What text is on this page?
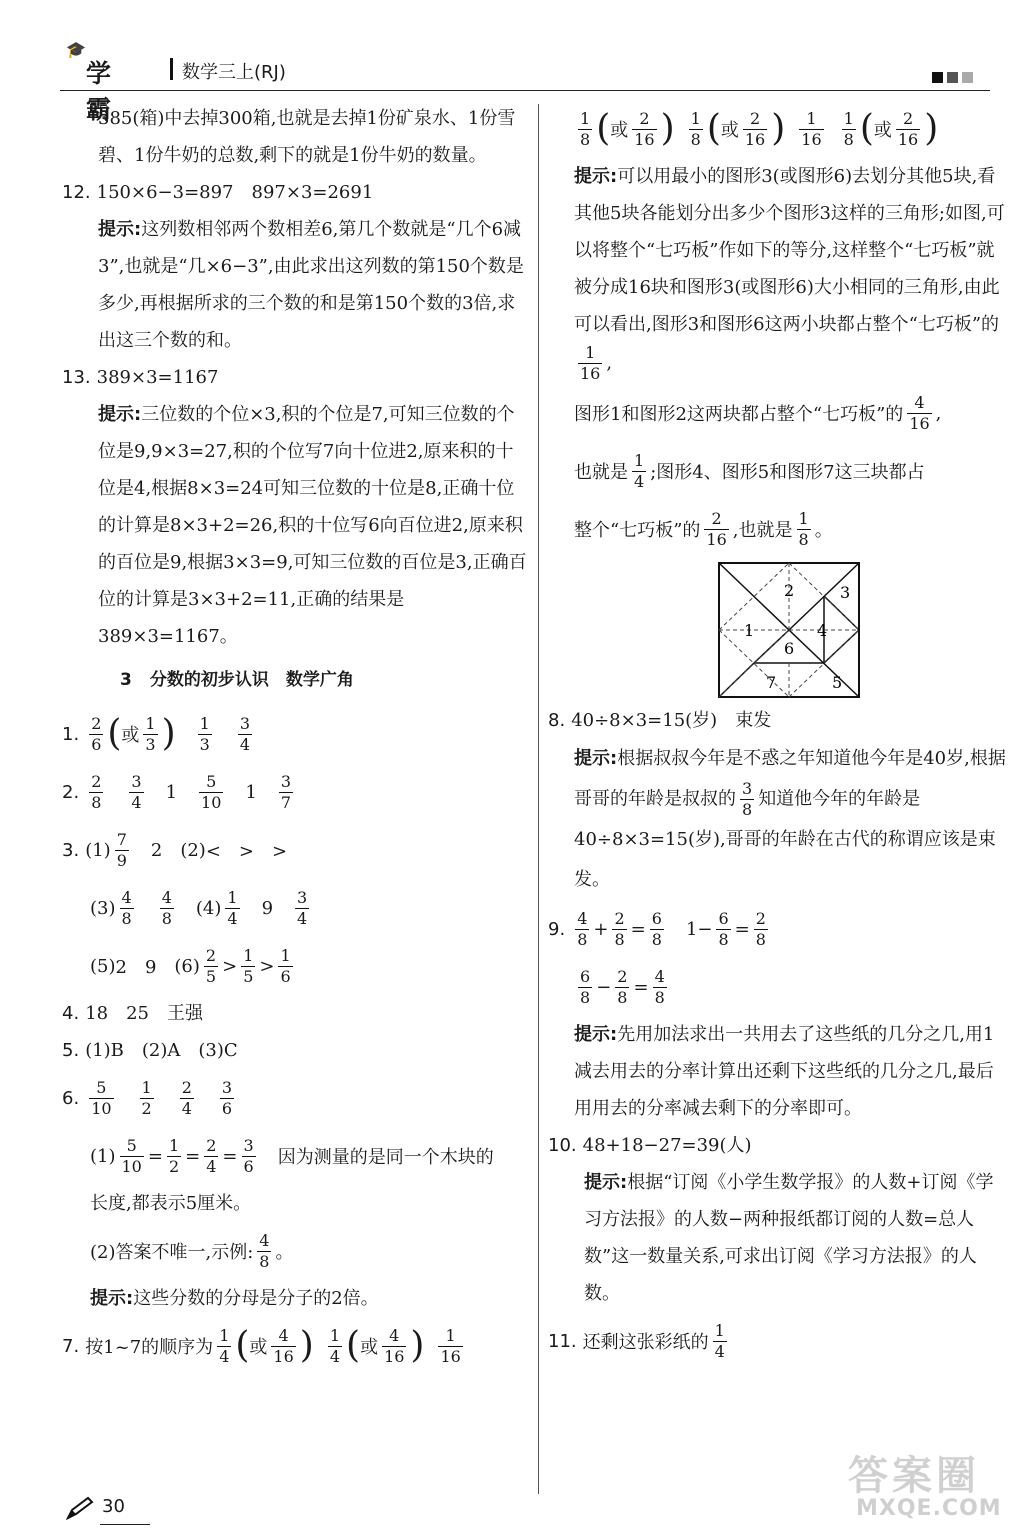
🎓
学霸
数学三上(RJ)

385(箱)中去掉300箱,也就是去掉1份矿泉水、1份雪碧、1份牛奶的总数,剩下的就是1份牛奶的数量。

12. 150×6−3=897　897×3=2691

提示:这列数相邻两个数相差6,第几个数就是“几个6减3”,也就是“几×6−3”,由此求出这列数的第150个数是多少,再根据所求的三个数的和是第150个数的3倍,求出这三个数的和。

13. 389×3=1167

提示:三位数的个位×3,积的个位是7,可知三位数的个位是9,9×3=27,积的个位写7向十位进2,原来积的十位是4,根据8×3=24可知三位数的十位是8,正确十位的计算是8×3+2=26,积的十位写6向百位进2,原来积的百位是9,根据3×3=9,可知三位数的百位是3,正确百位的计算是3×3+2=11,正确的结果是389×3=1167。

3 分数的初步认识　数学广角
1.
2
6 ( 或
1
3 ) 1
3
3
4
2.
2
8
3
4 1
5
10 1
3
7
3. (1)
7
9 2 (2) <　>　>
(3)
4
8
4
8 (4)
1
4 9
3
4
(5) 2　9 (6)
2
5 >
1
5 >
1
6

4. 18　25　王强

5. (1)B　(2)A　(3)C

6.
5
10
1
2
2
4
3
6
$(1) \frac{5}{10} = \frac{1}{2} = \frac{2}{4} = \frac{3}{6}$ 因为测量的是同一个木块的

长度,都表示5厘米。

(2)答案不唯一,示例:
4
8 。

提示:这些分数的分母是分子的2倍。

7. 按1~7的顺序为
1
4 ( 或
4
16 ) 1
4 ( 或
4
16 ) 1
16
1
8 ( 或
2
16 ) 1
8 ( 或
2
16 ) 1
16
1
8 ( 或
2
16 )
提示:可以用最小的图形3(或图形6)去划分其他5块,看其他5块各能划分出多少个图形3这样的三角形;如图,可以将整个“七巧板”作如下的等分,这样整个“七巧板”就被分成16块和图形3(或图形6)大小相同的三角形,由此可以看出,图形3和图形6这两小块都占整个“七巧板”的
$\frac{1}{16}$ ,
图形1和图形2这两块都占整个“七巧板”的
4
16 ,
也就是
1
4 ;图形4、图形5和图形7这三块都占
整个“七巧板”的
2
16 ,也就是
1
8 。
1
2	3
4
5
6
7

8. 40÷8×3=15(岁)　束发

提示:根据叔叔今年是不惑之年知道他今年是40岁,根据哥哥的年龄是叔叔的 $\frac{3}{8}$ 知道他今年的年龄是40÷8×3=15(岁),哥哥的年龄在古代的称谓应该是束发。
9.
4
$8 + \frac{2}{8} = \frac{6}{8} 1- \frac{6}{8} = \frac{2}{8}$
6
$8 - \frac{2}{8} = \frac{4}{8}$

提示:先用加法求出一共用去了这些纸的几分之几,用1减去用去的分率计算出还剩下这些纸的几分之几,最后用用去的分率减去剩下的分率即可。

10. 48+18−27=39(人)

提示:根据“订阅《小学生数学报》的人数+订阅《学习方法报》的人数−两种报纸都订阅的人数=总人数”这一数量关系,可求出订阅《学习方法报》的人数。

11. 还剩这张彩纸的
1
4
30
答案圈
MXQE.COM
